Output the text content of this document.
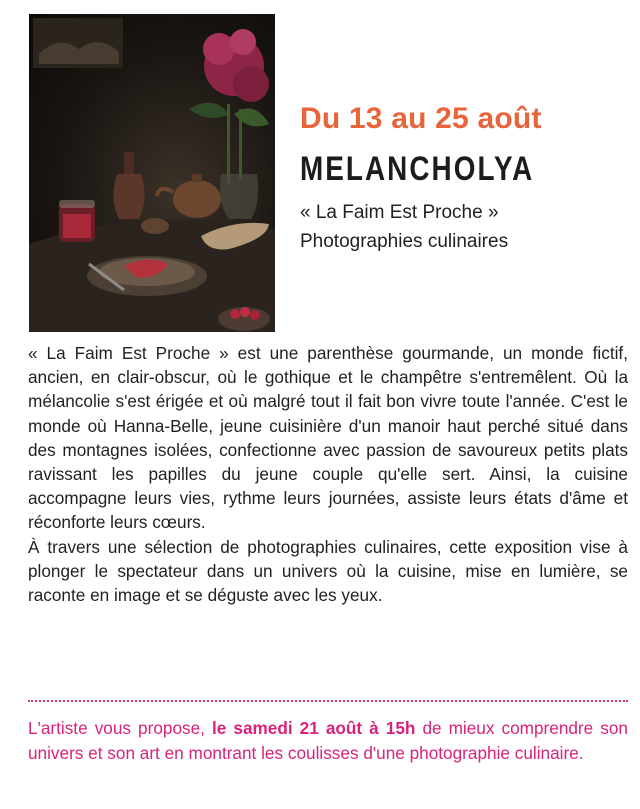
Du 13 au 25 août
MELANCHOLYA
« La Faim Est Proche »
Photographies culinaires

« La Faim Est Proche » est une parenthèse gourmande, un monde fictif, ancien, en clair-obscur, où le gothique et le champêtre s'entremêlent. Où la mélancolie s'est érigée et où malgré tout il fait bon vivre toute l'année. C'est le monde où Hanna-Belle, jeune cuisinière d'un manoir haut perché situé dans des montagnes isolées, confectionne avec passion de savoureux petits plats ravissant les papilles du jeune couple qu'elle sert. Ainsi, la cuisine accompagne leurs vies, rythme leurs journées, assiste leurs états d'âme et réconforte leurs cœurs.

À travers une sélection de photographies culinaires, cette exposition vise à plonger le spectateur dans un univers où la cuisine, mise en lumière, se raconte en image et se déguste avec les yeux.

L'artiste vous propose, le samedi 21 août à 15h de mieux comprendre son univers et son art en montrant les coulisses d'une photographie culinaire.
